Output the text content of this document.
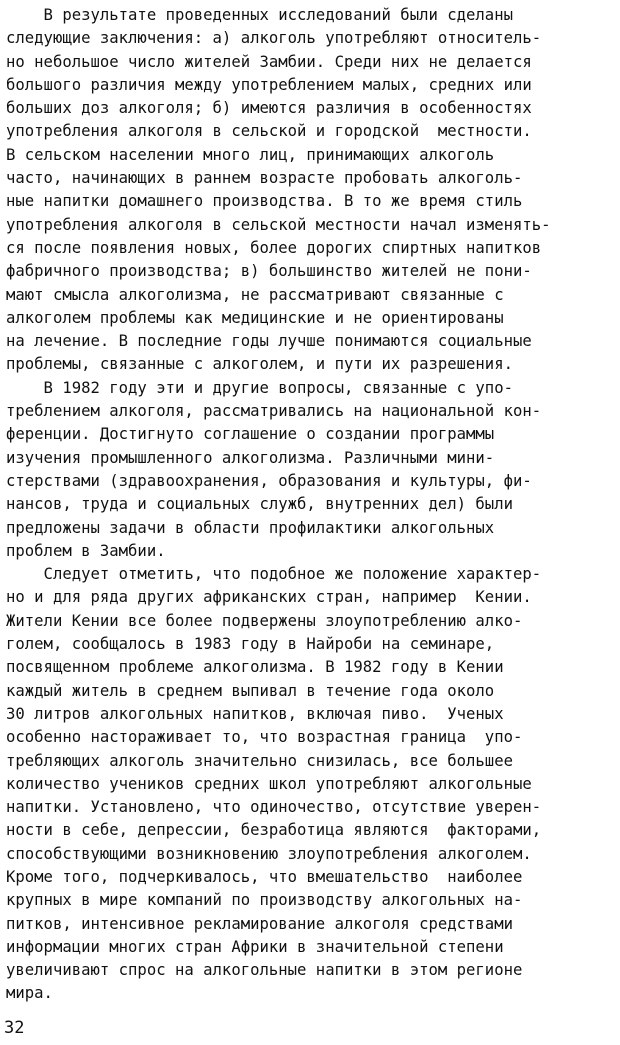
В результате проведенных исследований были сделаны
следующие заключения: а) алкоголь употребляют относитель-
но небольшое число жителей Замбии. Среди них не делается
большого различия между употреблением малых, средних или
больших доз алкоголя; б) имеются различия в особенностях
употребления алкоголя в сельской и городской  местности.
В сельском населении много лиц, принимающих алкоголь
часто, начинающих в раннем возрасте пробовать алкоголь-
ные напитки домашнего производства. В то же время стиль
употребления алкоголя в сельской местности начал изменять-
ся после появления новых, более дорогих спиртных напитков
фабричного производства; в) большинство жителей не пони-
мают смысла алкоголизма, не рассматривают связанные с
алкоголем проблемы как медицинские и не ориентированы
на лечение. В последние годы лучше понимаются социальные
проблемы, связанные с алкоголем, и пути их разрешения.
В 1982 году эти и другие вопросы, связанные с упо-
треблением алкоголя, рассматривались на национальной кон-
ференции. Достигнуто соглашение о создании программы
изучения промышленного алкоголизма. Различными мини-
стерствами (здравоохранения, образования и культуры, фи-
нансов, труда и социальных служб, внутренних дел) были
предложены задачи в области профилактики алкогольных
проблем в Замбии.
Следует отметить, что подобное же положение характер-
но и для ряда других африканских стран, например  Кении.
Жители Кении все более подвержены злоупотреблению алко-
голем, сообщалось в 1983 году в Найроби на семинаре,
посвященном проблеме алкоголизма. В 1982 году в Кении
каждый житель в среднем выпивал в течение года около
30 литров алкогольных напитков, включая пиво.  Ученых
особенно настораживает то, что возрастная граница  упо-
требляющих алкоголь значительно снизилась, все большее
количество учеников средних школ употребляют алкогольные
напитки. Установлено, что одиночество, отсутствие уверен-
ности в себе, депрессии, безработица являются  факторами,
способствующими возникновению злоупотребления алкоголем.
Кроме того, подчеркивалось, что вмешательство  наиболее
крупных в мире компаний по производству алкогольных на-
питков, интенсивное рекламирование алкоголя средствами
информации многих стран Африки в значительной степени
увеличивают спрос на алкогольные напитки в этом регионе
мира.
32
